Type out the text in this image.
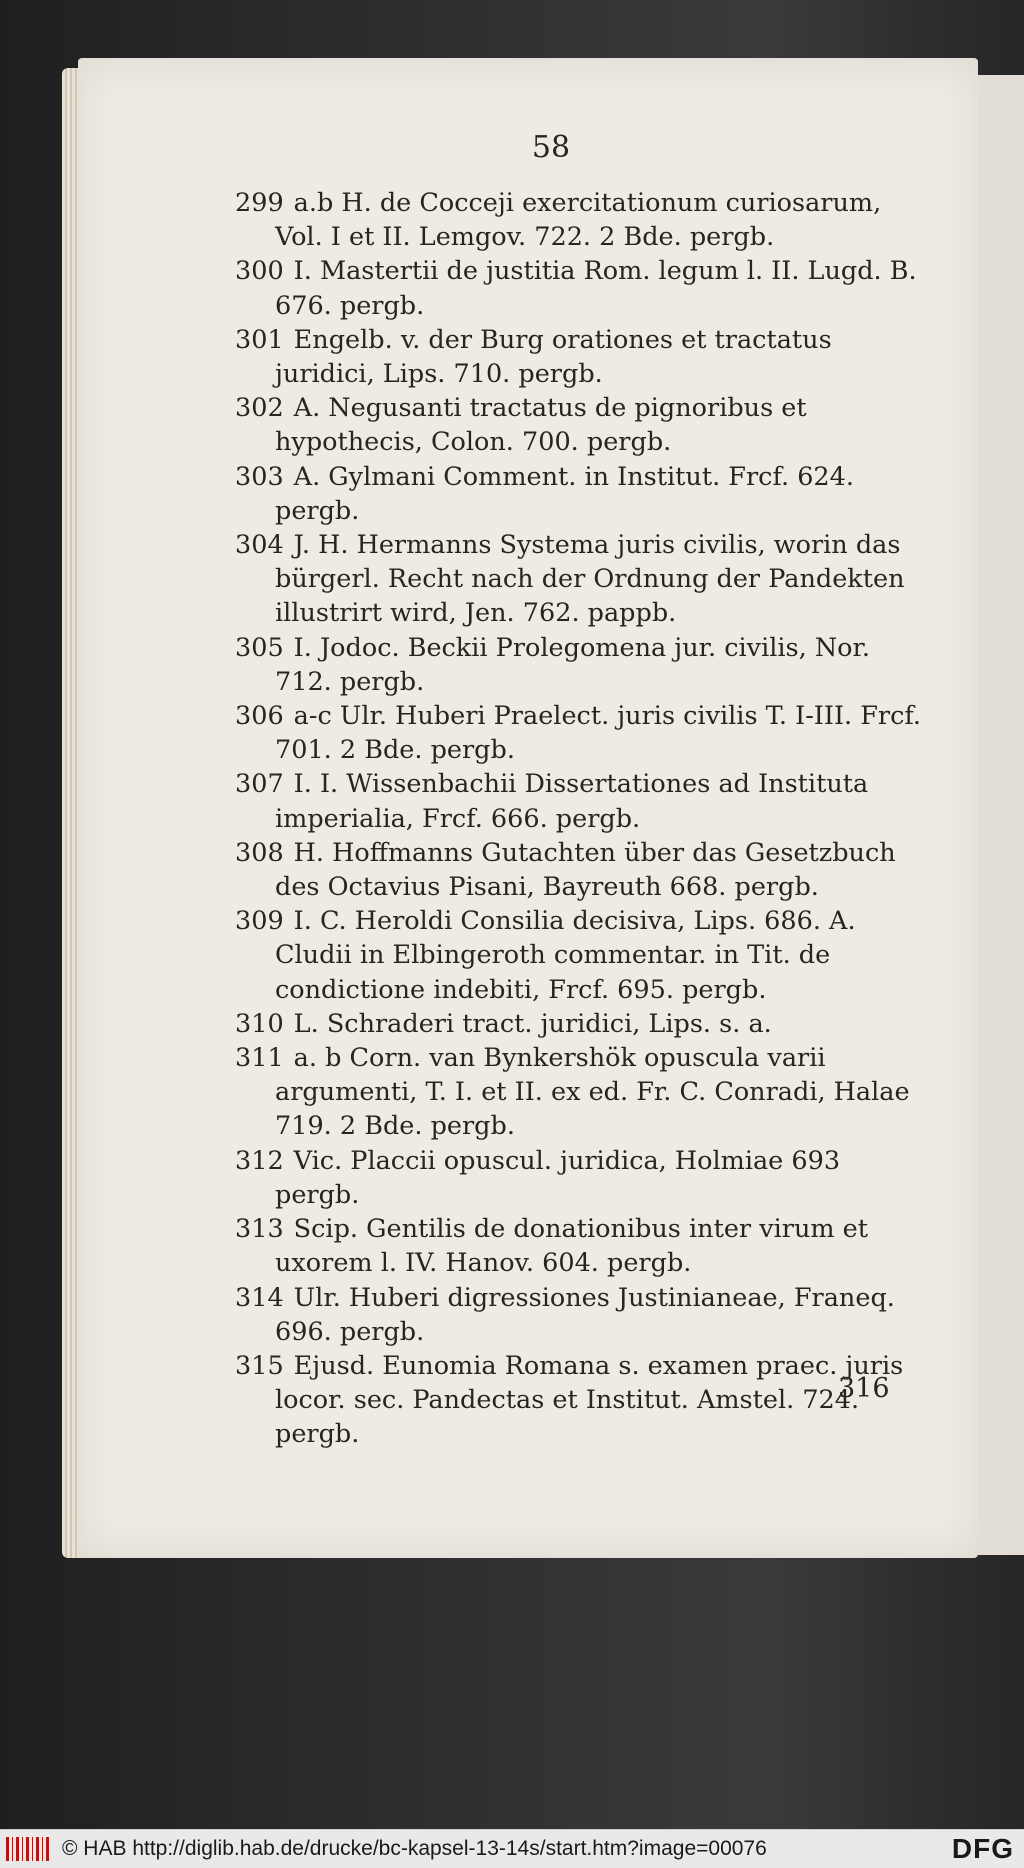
58

299 a.b H. de Cocceji exercitationum curiosarum, Vol. I et II. Lemgov. 722. 2 Bde. pergb.

300 I. Mastertii de justitia Rom. legum l. II. Lugd. B. 676. pergb.

301 Engelb. v. der Burg orationes et tractatus juridici, Lips. 710. pergb.

302 A. Negusanti tractatus de pignoribus et hypothecis, Colon. 700. pergb.

303 A. Gylmani Comment. in Institut. Frcf. 624. pergb.

304 J. H. Hermanns Systema juris civilis, worin das bürgerl. Recht nach der Ordnung der Pandekten illustrirt wird, Jen. 762. pappb.

305 I. Jodoc. Beckii Prolegomena jur. civilis, Nor. 712. pergb.

306 a-c Ulr. Huberi Praelect. juris civilis T. I-III. Frcf. 701. 2 Bde. pergb.

307 I. I. Wissenbachii Dissertationes ad Instituta imperialia, Frcf. 666. pergb.

308 H. Hoffmanns Gutachten über das Gesetzbuch des Octavius Pisani, Bayreuth 668. pergb.

309 I. C. Heroldi Consilia decisiva, Lips. 686. A. Cludii in Elbingeroth commentar. in Tit. de condictione indebiti, Frcf. 695. pergb.

310 L. Schraderi tract. juridici, Lips. s. a.

311 a. b Corn. van Bynkershök opuscula varii argumenti, T. I. et II. ex ed. Fr. C. Conradi, Halae 719. 2 Bde. pergb.

312 Vic. Placcii opuscul. juridica, Holmiae 693 pergb.

313 Scip. Gentilis de donationibus inter virum et uxorem l. IV. Hanov. 604. pergb.

314 Ulr. Huberi digressiones Justinianeae, Franeq. 696. pergb.

315 Ejusd. Eunomia Romana s. examen praec. juris locor. sec. Pandectas et Institut. Amstel. 724. pergb.

316
© HAB http://diglib.hab.de/drucke/bc-kapsel-13-14s/start.htm?image=00076	DFG
